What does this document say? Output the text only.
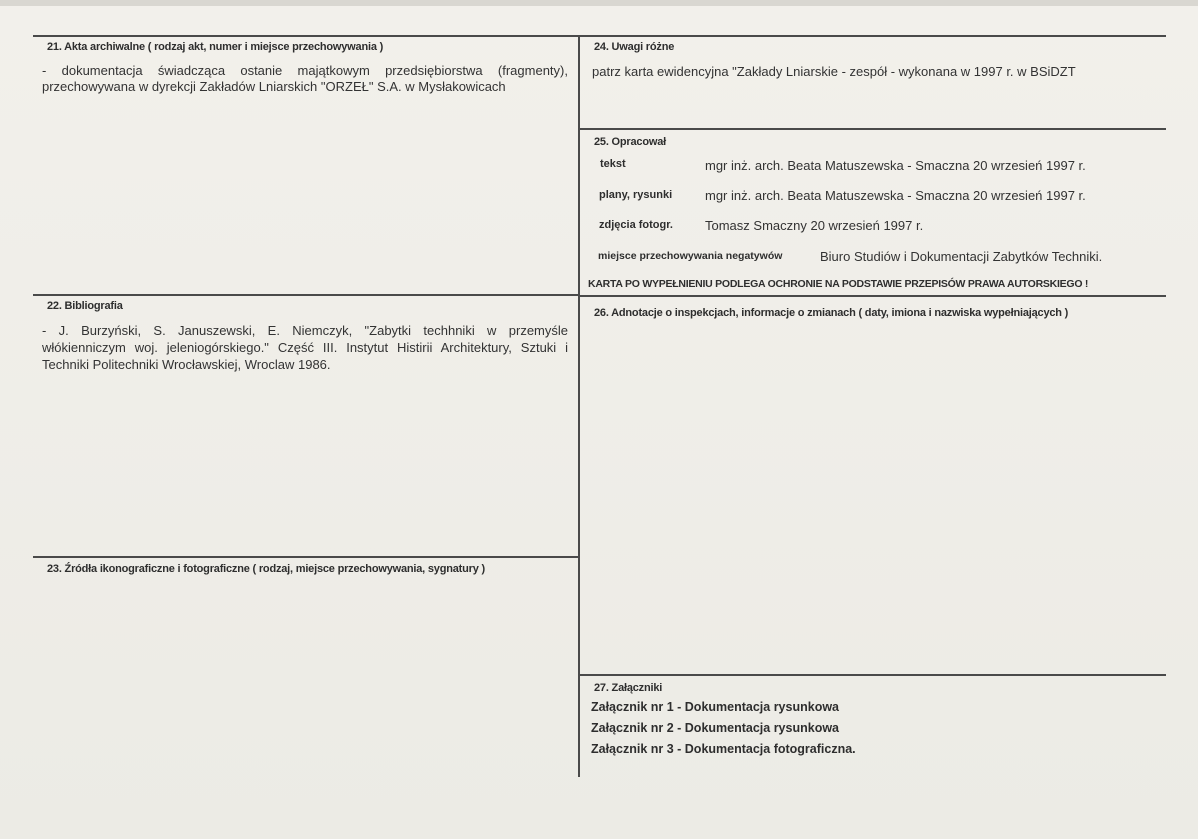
21. Akta archiwalne ( rodzaj akt, numer i miejsce przechowywania )
- dokumentacja świadcząca ostanie majątkowym przedsiębiorstwa (fragmenty),
przechowywana w dyrekcji Zakładów Lniarskich "ORZEŁ" S.A. w Mysłakowicach
22. Bibliografia
- J. Burzyński, S. Januszewski, E. Niemczyk, "Zabytki techhniki w przemyśle
włókienniczym woj. jeleniogórskiego." Część III. Instytut Histirii Architektury, Sztuki i
Techniki Politechniki Wrocławskiej, Wroclaw 1986.
23. Źródła ikonograficzne i fotograficzne ( rodzaj, miejsce przechowywania, sygnatury )
24. Uwagi różne
patrz karta ewidencyjna "Zakłady Lniarskie - zespół - wykonana w 1997 r. w BSiDZT
25. Opracował
tekst	mgr inż. arch. Beata Matuszewska - Smaczna 20 wrzesień 1997 r.
plany, rysunki	mgr inż. arch. Beata Matuszewska - Smaczna 20 wrzesień 1997 r.
zdjęcia fotogr. Tomasz Smaczny 20 wrzesień 1997 r.
miejsce przechowywania negatywów	Biuro Studiów i Dokumentacji Zabytków Techniki.
KARTA PO WYPEŁNIENIU PODLEGA OCHRONIE NA PODSTAWIE PRZEPISÓW PRAWA AUTORSKIEGO !
26. Adnotacje o inspekcjach, informacje o zmianach ( daty, imiona i nazwiska wypełniających )
27. Załączniki
Załącznik nr 1 - Dokumentacja rysunkowa
Załącznik nr 2 - Dokumentacja rysunkowa
Załącznik nr 3 - Dokumentacja fotograficzna.
